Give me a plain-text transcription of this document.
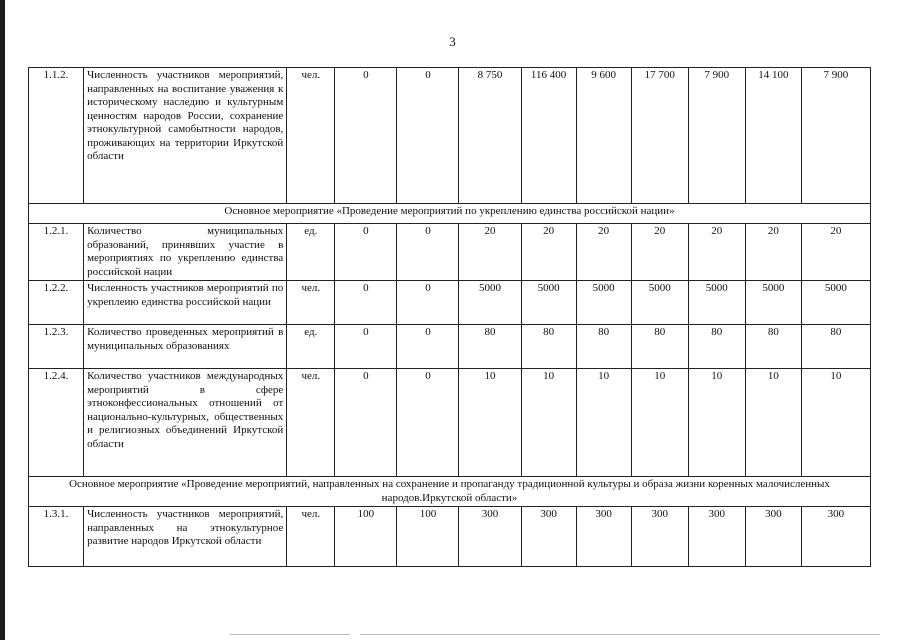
3
1.1.2.	Численность участников мероприятий, направленных на воспитание уважения к историческому наследию и культурным ценностям народов России, сохранение этнокультурной самобытности народов, проживающих на территории Иркутской области	чел.	0	0	8 750	116 400	9 600	17 700	7 900	14 100	7 900
Основное мероприятие «Проведение мероприятий по укреплению единства российской нации»											
1.2.1.	Количество муниципальных образований, принявших участие в мероприятиях по укреплению единства российской нации	ед.	0	0	20	20	20	20	20	20	20
1.2.2.	Численность участников мероприятий по укреплеию единства российской нации	чел.	0	0	5000	5000	5000	5000	5000	5000	5000
1.2.3.	Количество проведенных мероприятий в муниципальных образованиях	ед.	0	0	80	80	80	80	80	80	80
1.2.4.	Количество участников международных мероприятий в сфере этноконфессиональных отношений от национально-культурных, общественных и религиозных объединений Иркутской области	чел.	0	0	10	10	10	10	10	10	10
Основное мероприятие «Проведение мероприятий, направленных на сохранение и пропаганду традиционной культуры и образа жизни коренных малочисленных народов.Иркутской области»											
1.3.1.	Численность участников мероприятий, направленных на этнокультурное развитие народов Иркутской области	чел.	100	100	300	300	300	300	300	300	300
